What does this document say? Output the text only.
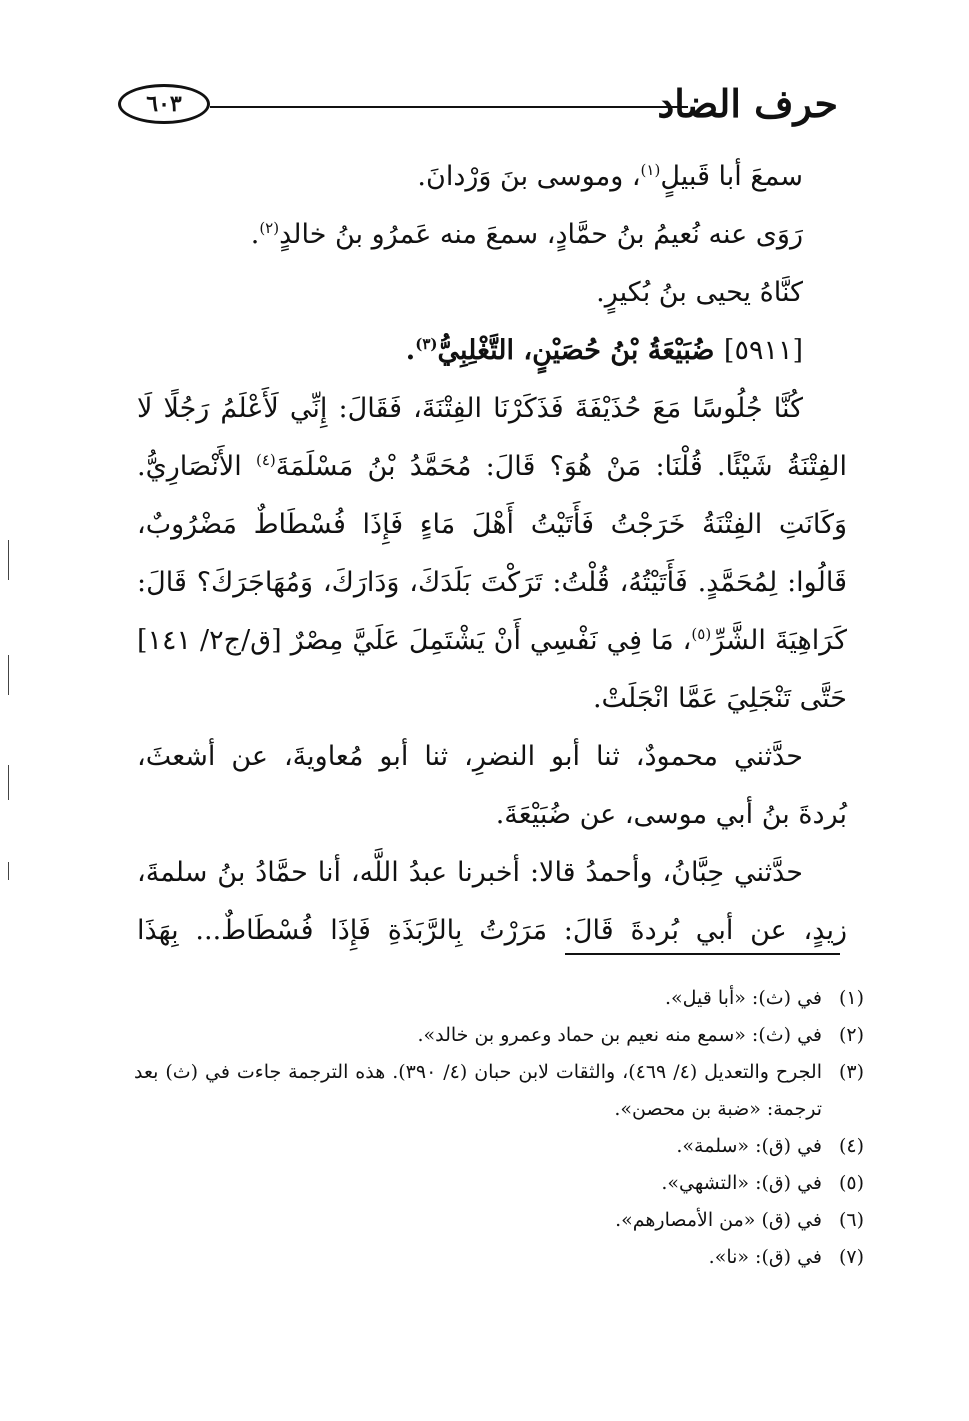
حرف الضاد
٦٠٣
سمعَ أبا قَبيلٍ$^{(١)}$، وموسى بنَ وَرْدانَ.
رَوَى عنه نُعيمُ بنُ حمَّادٍ، سمعَ منه عَمرُو بنُ خالدٍ$^{(٢)}$.
كنَّاهُ يحيى بنُ بُكيرٍ.
[٥٩١١] ضُبَيْعَةُ بْنُ حُصَيْنٍ، التَّغْلِبِيُّ$^{(٣)}$.
كُنَّا جُلُوسًا مَعَ حُذَيْفَةَ فَذَكَرْنَا الفِتْنَةَ، فَقَالَ: إِنِّي لَأَعْلَمُ رَجُلًا لَا
الفِتْنَةُ شَيْئًا. قُلْنَا: مَنْ هُوَ؟ قَالَ: مُحَمَّدُ بْنُ مَسْلَمَةَ$^{(٤)}$ الأَنْصَارِيُّ.
وَكَانَتِ الفِتْنَةُ خَرَجْتُ فَأَتَيْتُ أَهْلَ مَاءٍ فَإِذَا فُسْطَاطٌ مَضْرُوبٌ،
قَالُوا: لِمُحَمَّدٍ. فَأَتَيْتُهُ، قُلْتُ: تَرَكْتَ بَلَدَكَ، وَدَارَكَ، وَمُهَاجَرَكَ؟ قَالَ:
كَرَاهِيَةَ الشَّرِّ$^{(٥)}$، مَا فِي نَفْسِي أَنْ يَشْتَمِلَ عَلَيَّ مِصْرٌ [ق/ج٢/ ١٤١]
حَتَّى تَنْجَلِيَ عَمَّا انْجَلَتْ.
حدَّثني محمودٌ، ثنا أبو النضرِ، ثنا أبو مُعاويةَ، عن أشعثَ،
بُردةَ بنُ أبي موسى، عن ضُبَيْعَةَ.
حدَّثني حِبَّانُ، وأحمدُ قالا: أخبرنا عبدُ اللَّه، أنا حمَّادُ بنُ سلمةَ،
زيدٍ، عن أبي بُردةَ قَالَ: مَرَرْتُ بِالرَّبَذَةِ فَإِذَا فُسْطَاطٌ... بِهَذَا
(١)
في (ث): «أبا قيل».
(٢)
في (ث): «سمع منه نعيم بن حماد وعمرو بن خالد».
(٣)
الجرح والتعديل (٤/ ٤٦٩)، والثقات لابن حبان (٤/ ٣٩٠). هذه الترجمة جاءت في (ث) بعد ترجمة: «ضبة بن محصن».
(٤)
في (ق): «سلمة».
(٥)
في (ق): «التشهي».
(٦)
في (ق) «من الأمصارهم».
(٧)
في (ق): «نا».
